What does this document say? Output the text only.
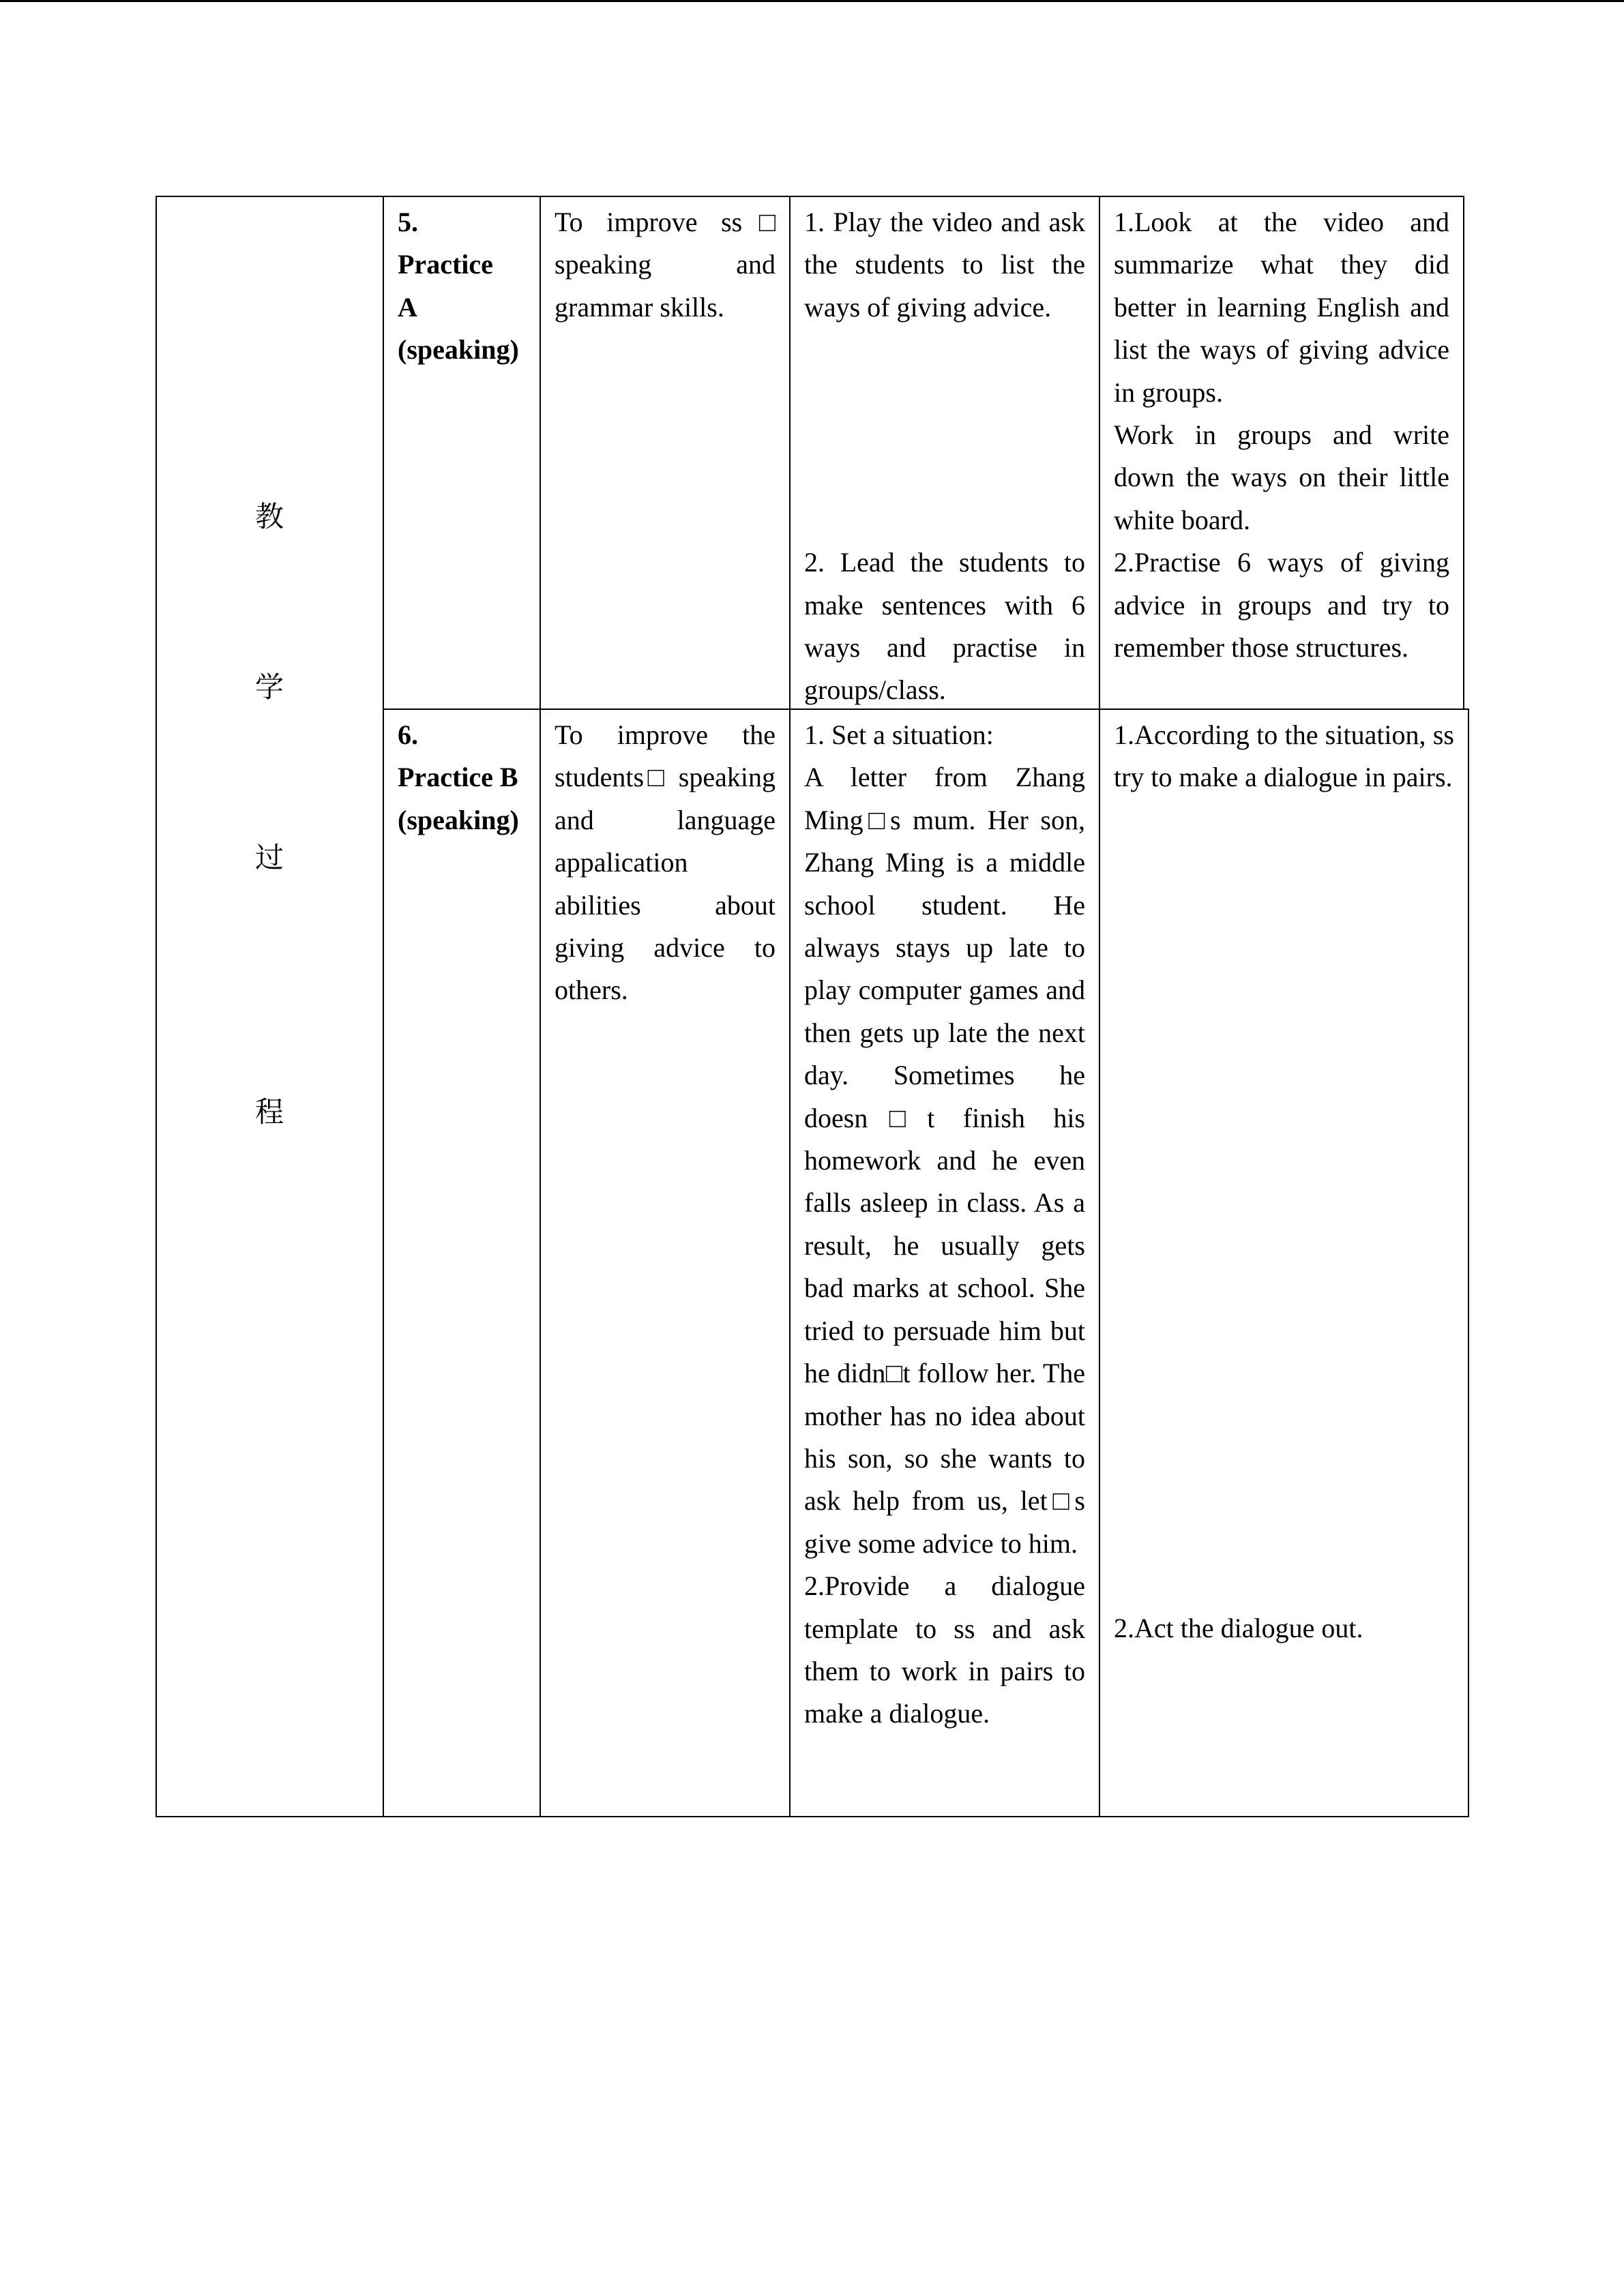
教
学
过
程
5.
Practice
A
(speaking)

To improve ss□ speaking and grammar skills.

1. Play the video and ask the students to list the ways of giving advice.

2. Lead the students to make sentences with 6 ways and practise in groups/class.

1.Look at the video and summarize what they did better in learning English and list the ways of giving advice in groups.

Work in groups and write down the ways on their little white board.

2.Practise 6 ways of giving advice in groups and try to remember those structures.

6.
Practice B
(speaking)

To improve the students□ speaking and language appalication abilities about giving advice to others.

1. Set a situation:

A letter from Zhang Ming□s mum. Her son, Zhang Ming is a middle school student. He always stays up late to play computer games and then gets up late the next day. Sometimes he doesn□t finish his homework and he even falls asleep in class. As a result, he usually gets bad marks at school. She tried to persuade him but he didn□t follow her. The mother has no idea about his son, so she wants to ask help from us, let□s give some advice to him.

2.Provide a dialogue template to ss and ask them to work in pairs to make a dialogue.

1.According to the situation, ss try to make a dialogue in pairs.

2.Act the dialogue out.
